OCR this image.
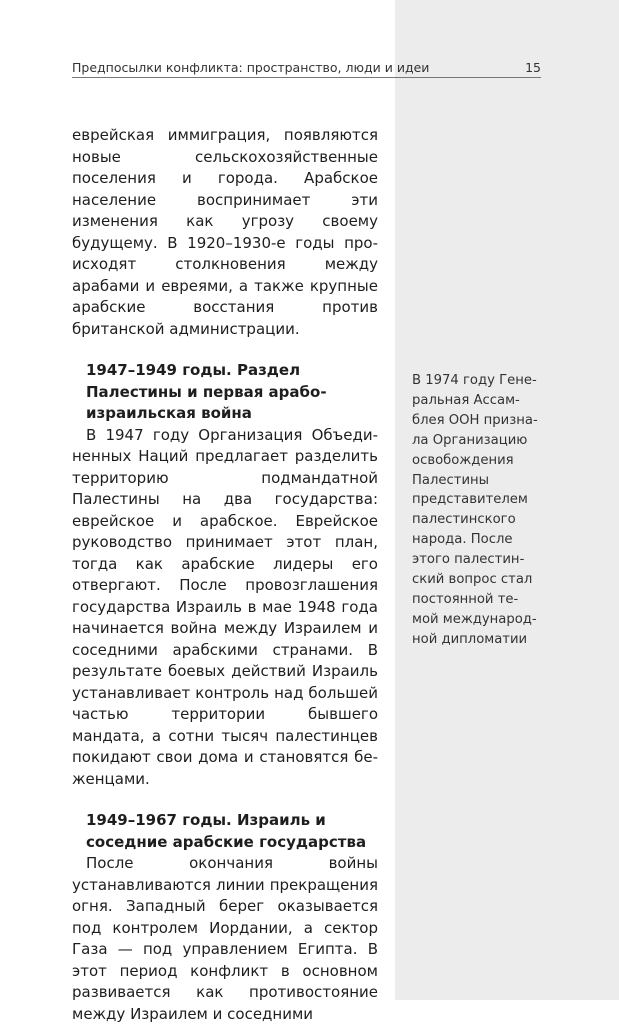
Предпосылки конфликта: пространство, люди и идеи	15

еврейская иммиграция, появляются новые сельскохозяйственные поселения и города. Арабское население воспринимает эти изменения как угрозу своему будущему. В 1920–1930-е годы происходят столкновения между арабами и евреями, а также крупные арабские восстания против британской администрации.

1947–1949 годы. Раздел Палестины и первая арабо-израильская война

В 1947 году Организация Объединенных Наций предлагает разделить территорию подмандатной Палестины на два государства: еврейское и арабское. Еврейское руководство принимает этот план, тогда как арабские лидеры его отвергают. После провозглашения государства Израиль в мае 1948 года начинается война между Израилем и соседними арабскими странами. В результате боевых действий Израиль устанавливает контроль над большей частью территории бывшего мандата, а сотни тысяч палестинцев покидают свои дома и становятся беженцами.

1949–1967 годы. Израиль и соседние арабские государства

После окончания войны устанавливаются линии прекращения огня. Западный берег оказывается под контролем Иордании, а сектор Газа — под управлением Египта. В этот период конфликт в основном развивается как противостояние между Израилем и соседними

В 1974 году Генеральная Ассамблея ООН признала Организацию освобождения Палестины представителем палестинского народа. После этого палестинский вопрос стал постоянной темой международной дипломатии
